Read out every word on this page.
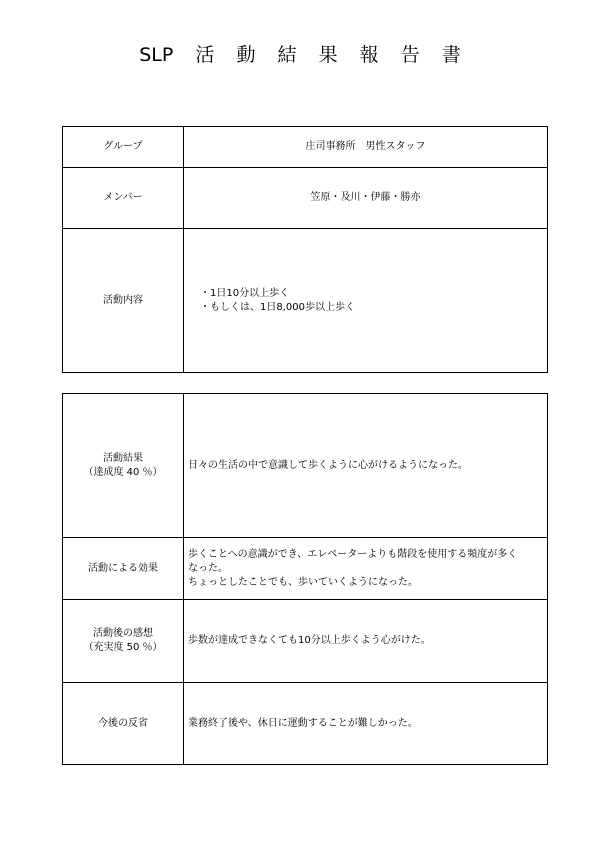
SLP 活 動 結 果 報 告 書
グループ	庄司事務所　男性スタッフ
メンバー	笠原・及川・伊藤・勝亦
活動内容	・1日10分以上歩く
・もしくは、1日8,000歩以上歩く
活動結果
（達成度 40 ％）	日々の生活の中で意識して歩くように心がけるようになった。
活動による効果	歩くことへの意識ができ、エレベーターよりも階段を使用する頻度が多く
なった。
ちょっとしたことでも、歩いていくようになった。

活動後の感想
（充実度 50 ％）	歩数が達成できなくても10分以上歩くよう心がけた。
今後の反省	業務終了後や、休日に運動することが難しかった。
